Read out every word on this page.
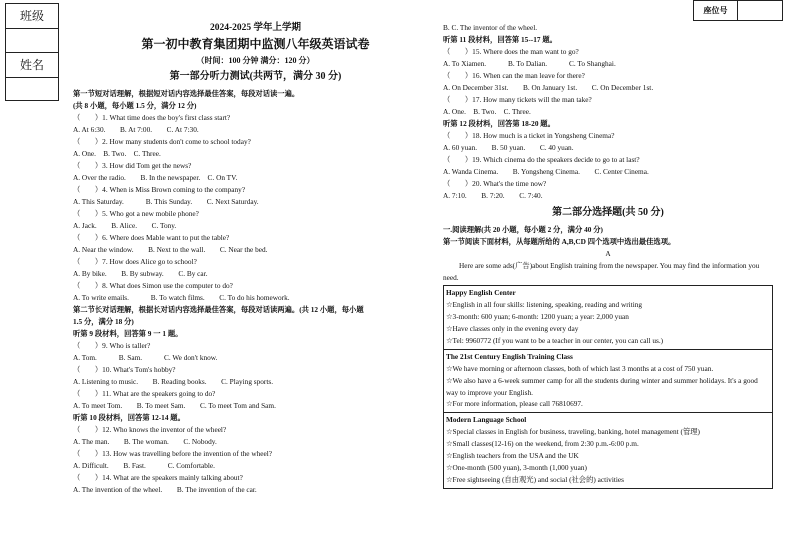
班级
姓名
座位号
2024-2025 学年上学期
第一初中教育集团期中监测八年级英语试卷
（时间：100 分钟 满分：120 分）
第一部分听力测试(共两节，满分 30 分)
第一节短对话理解，根据短对话内容选择最佳答案，每段对话读一遍。
(共 8 小题，每小题 1.5 分，满分 12 分)
（　　）1. What time does the boy's first class start?
A. At 6:30.　　B. At 7:00.　　C. At 7:30.
（　　）2. How many students don't come to school today?
A. One.　B. Two.　C. Three.
（　　）3. How did Tom get the news?
A. Over the radio.　　B. In the newspaper.　C. On TV.
（　　）4. When is Miss Brown coming to the company?
A. This Saturday.　　　B. This Sunday.　　C. Next Saturday.
（　　）5. Who got a new mobile phone?
A. Jack.　　B. Alice.　　C. Tony.
（　　）6. Where does Mable want to put the table?
A. Near the window.　　B. Next to the wall.　　C. Near the bed.
（　　）7. How does Alice go to school?
A. By bike.　　B. By subway.　　C. By car.
（　　）8. What does Simon use the computer to do?
A. To write emails.　　　B. To watch films.　　C. To do his homework.
第二节长对话理解，根据长对话内容选择最佳答案，每段对话读两遍。(共 12 小题，每小题
1.5 分，满分 18 分)
听第 9 段材料，回答第 9 一 1 题。
（　　）9. Who is taller?
A. Tom.　　　B. Sam.　　　C. We don't know.
（　　）10. What's Tom's hobby?
A. Listening to music.　　B. Reading books.　　C. Playing sports.
（　　）11. What are the speakers going to do?
A. To meet Tom.　　B. To meet Sam.　　C. To meet Tom and Sam.
听第 10 段材料，回答第 12-14 题。
（　　）12. Who knows the inventor of the wheel?
A. The man.　　B. The woman.　　C. Nobody.
（　　）13. How was travelling before the invention of the wheel?
A. Difficult.　　B. Fast.　　　C. Comfortable.
（　　）14. What are the speakers mainly talking about?
A. The invention of the wheel.　　B. The invention of the car.
B. C. The inventor of the wheel.
听第 11 段材料，回答第 15--17 题。
（　　）15. Where does the man want to go?
A. To Xiamen.　　　B. To Dalian.　　　C. To Shanghai.
（　　）16. When can the man leave for there?
A. On December 31st.　　B. On January 1st.　　C. On December 1st.
（　　）17. How many tickets will the man take?
A. One.　B. Two.　C. Three.
听第 12 段材料，回答第 18-20 题。
（　　）18. How much is a ticket in Yongsheng Cinema?
A. 60 yuan.　　B. 50 yuan.　　C. 40 yuan.
（　　）19. Which cinema do the speakers decide to go to at last?
A. Wanda Cinema.　　B. Yongsheng Cinema.　　C. Center Cinema.
（　　）20. What's the time now?
A. 7:10.　　B. 7:20.　　C. 7:40.
第二部分选择题(共 50 分)
一.阅读理解(共 20 小题，每小题 2 分，满分 40 分)
第一节阅读下面材料，从每题所给的 A,B,CD 四个选项中选出最佳选项。
A
Here are some ads(广告)about English training from the newspaper. You may find the information you need.
Happy English Center
☆English in all four skills: listening, speaking, reading and writing
☆3-month: 600 yuan; 6-month: 1200 yuan; a year: 2,000 yuan
☆Have classes only in the evening every day
☆Tel: 9960772 (If you want to be a teacher in our center, you can call us.)
The 21st Century English Training Class
☆We have morning or afternoon classes, both of which last 3 months at a cost of 750 yuan.
☆We also have a 6-week summer camp for all the students during winter and summer holidays. It's a good way to improve your English.
☆For more information, please call 76810697.
Modern Language School
☆Special classes in English for business, traveling, banking, hotel management (管理)
☆Small classes(12-16) on the weekend, from 2:30 p.m.-6:00 p.m.
☆English teachers from the USA and the UK
☆One-month (500 yuan), 3-month (1,000 yuan)
☆Free sightseeing (自由观光) and social (社会的) activities
